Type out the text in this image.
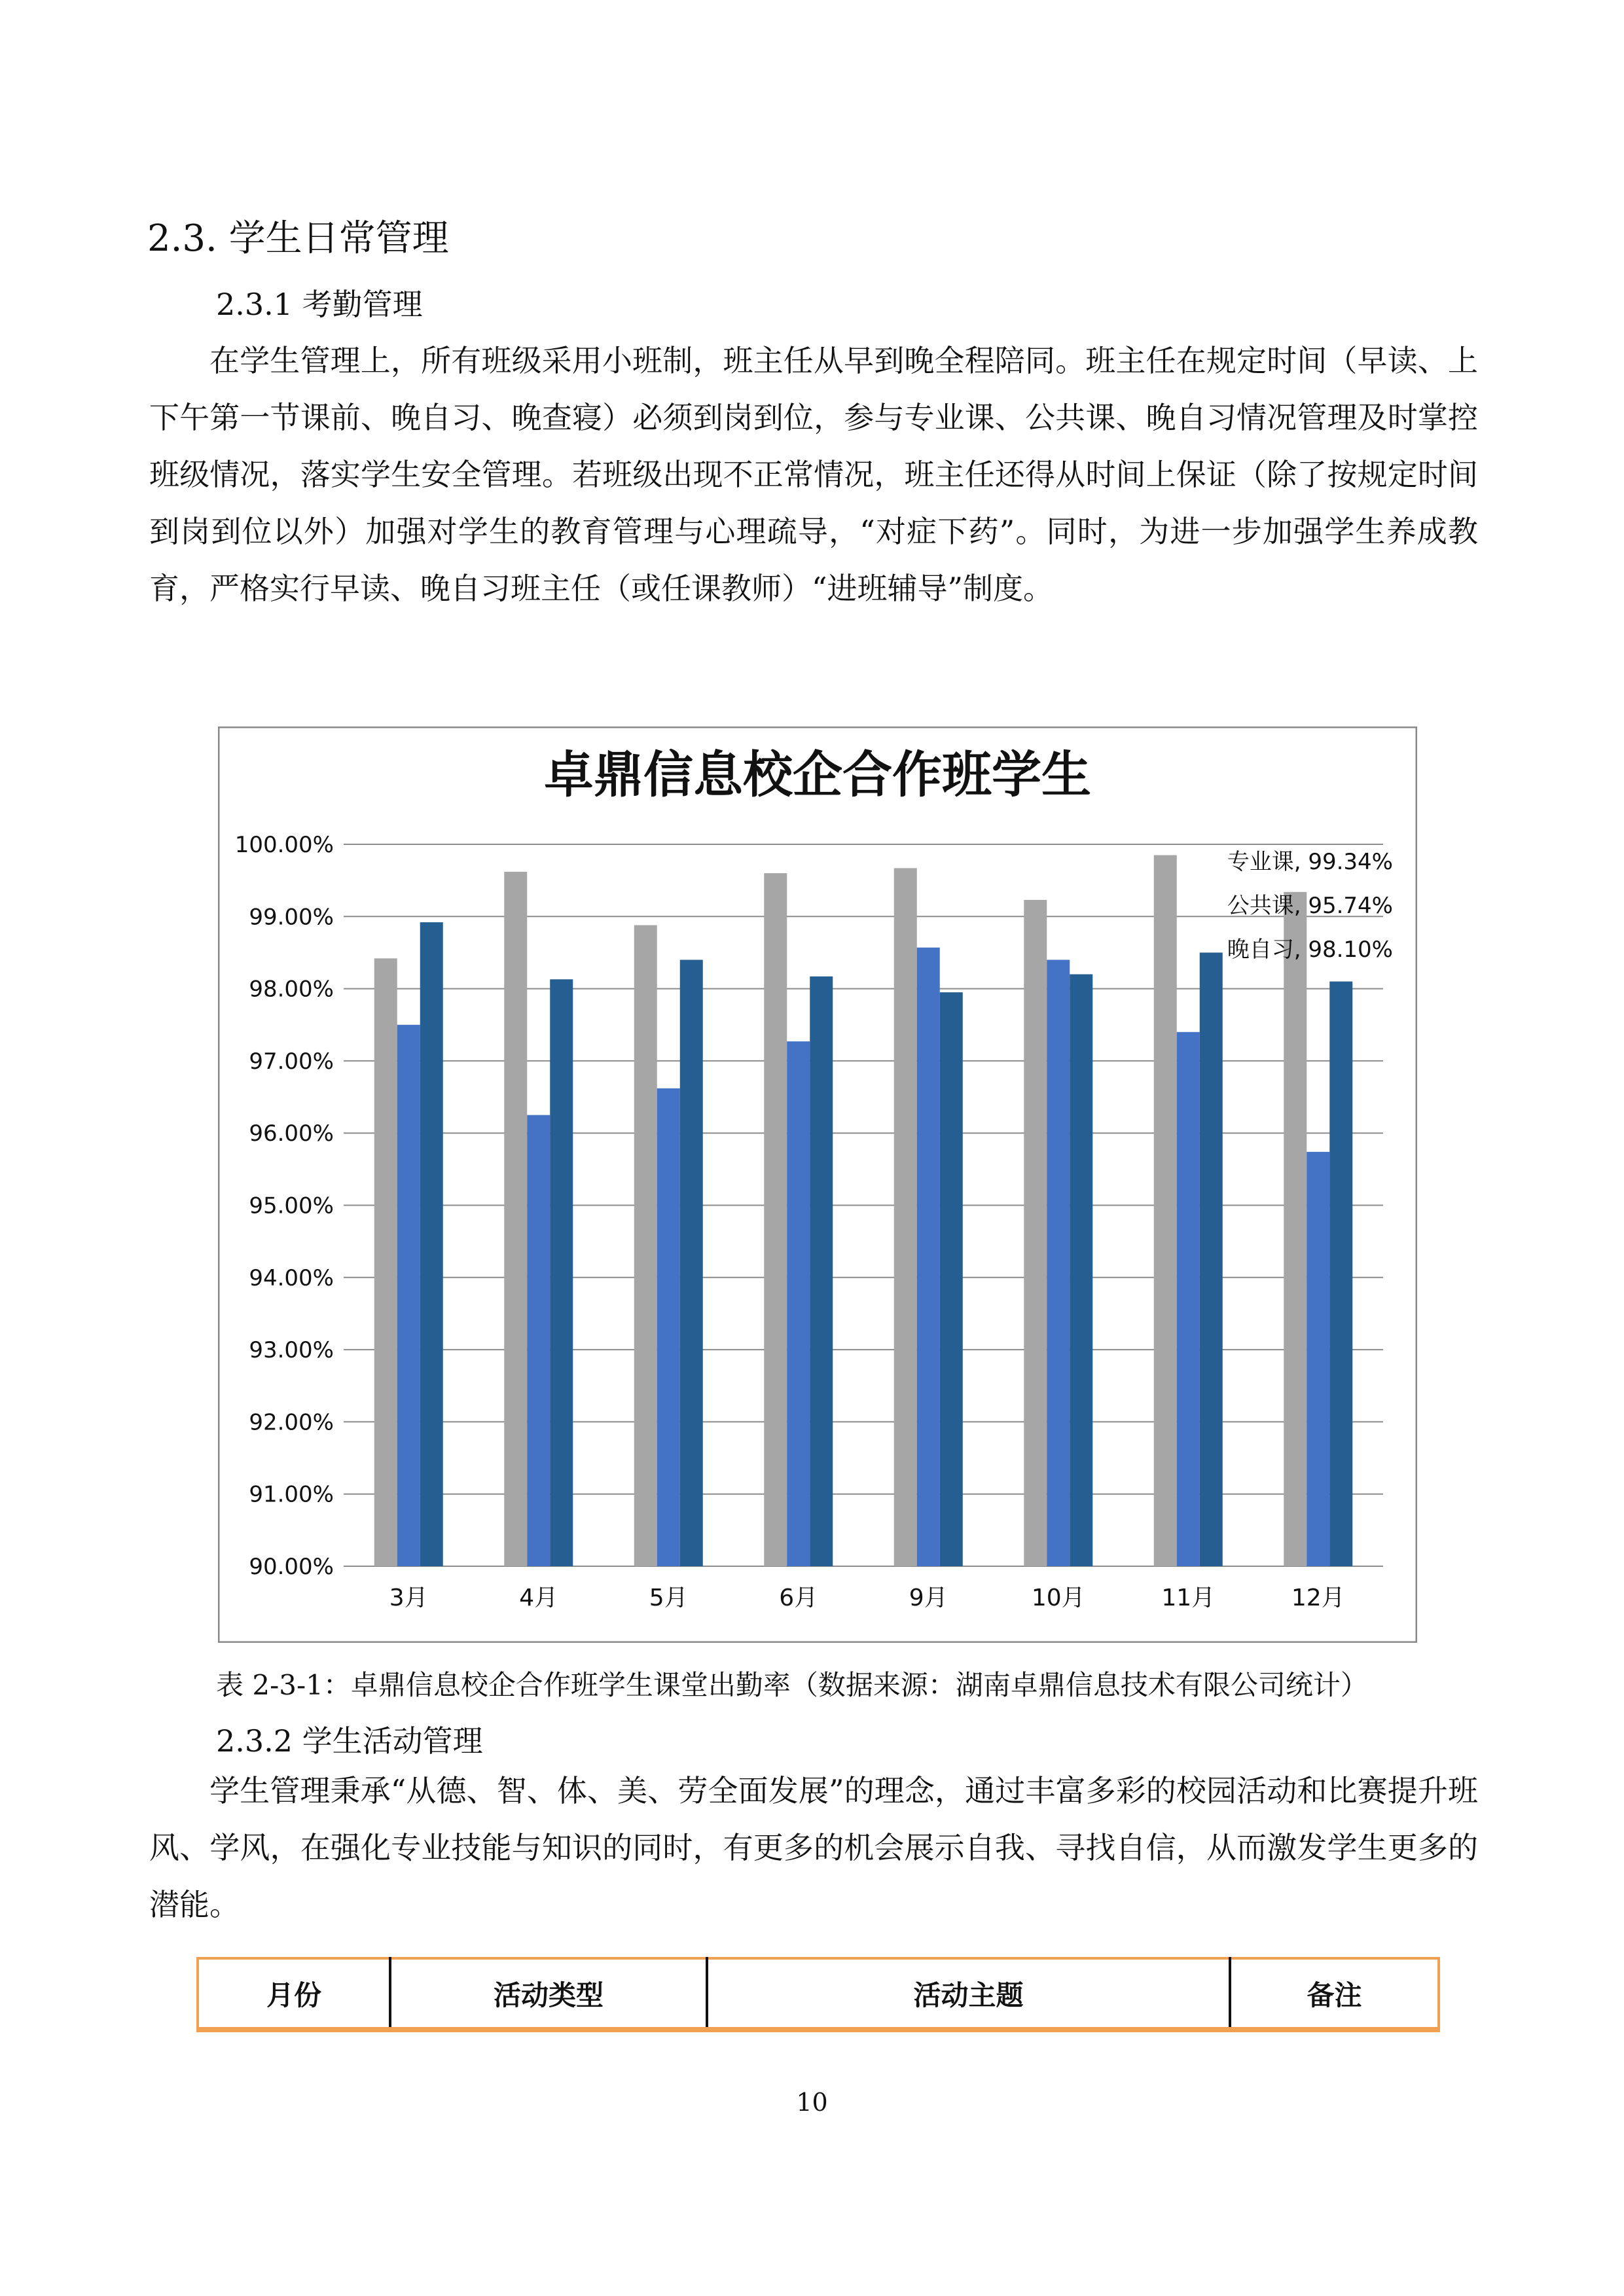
2.3. 学生日常管理
2.3.1 考勤管理

在学生管理上，所有班级采用小班制，班主任从早到晚全程陪同。班主任在规定时间（早读、上下午第一节课前、晚自习、晚查寝）必须到岗到位，参与专业课、公共课、晚自习情况管理及时掌控班级情况，落实学生安全管理。若班级出现不正常情况，班主任还得从时间上保证（除了按规定时间到岗到位以外）加强对学生的教育管理与心理疏导，“对症下药”。同时，为进一步加强学生养成教育，严格实行早读、晚自习班主任（或任课教师）“进班辅导”制度。

卓鼎信息校企合作班学生
90.00%
91.00%
92.00%
93.00%
94.00%
95.00%
96.00%
97.00%
98.00%
99.00%
100.00%
3月	4月	5月	6月	9月	10月	11月	12月
专业课, 99.34%
公共课, 95.74%
晚自习, 98.10%
表 2-3-1：卓鼎信息校企合作班学生课堂出勤率（数据来源：湖南卓鼎信息技术有限公司统计）
2.3.2 学生活动管理

学生管理秉承“从德、智、体、美、劳全面发展”的理念，通过丰富多彩的校园活动和比赛提升班风、学风，在强化专业技能与知识的同时，有更多的机会展示自我、寻找自信，从而激发学生更多的潜能。

月份	活动类型	活动主题	备注
10
